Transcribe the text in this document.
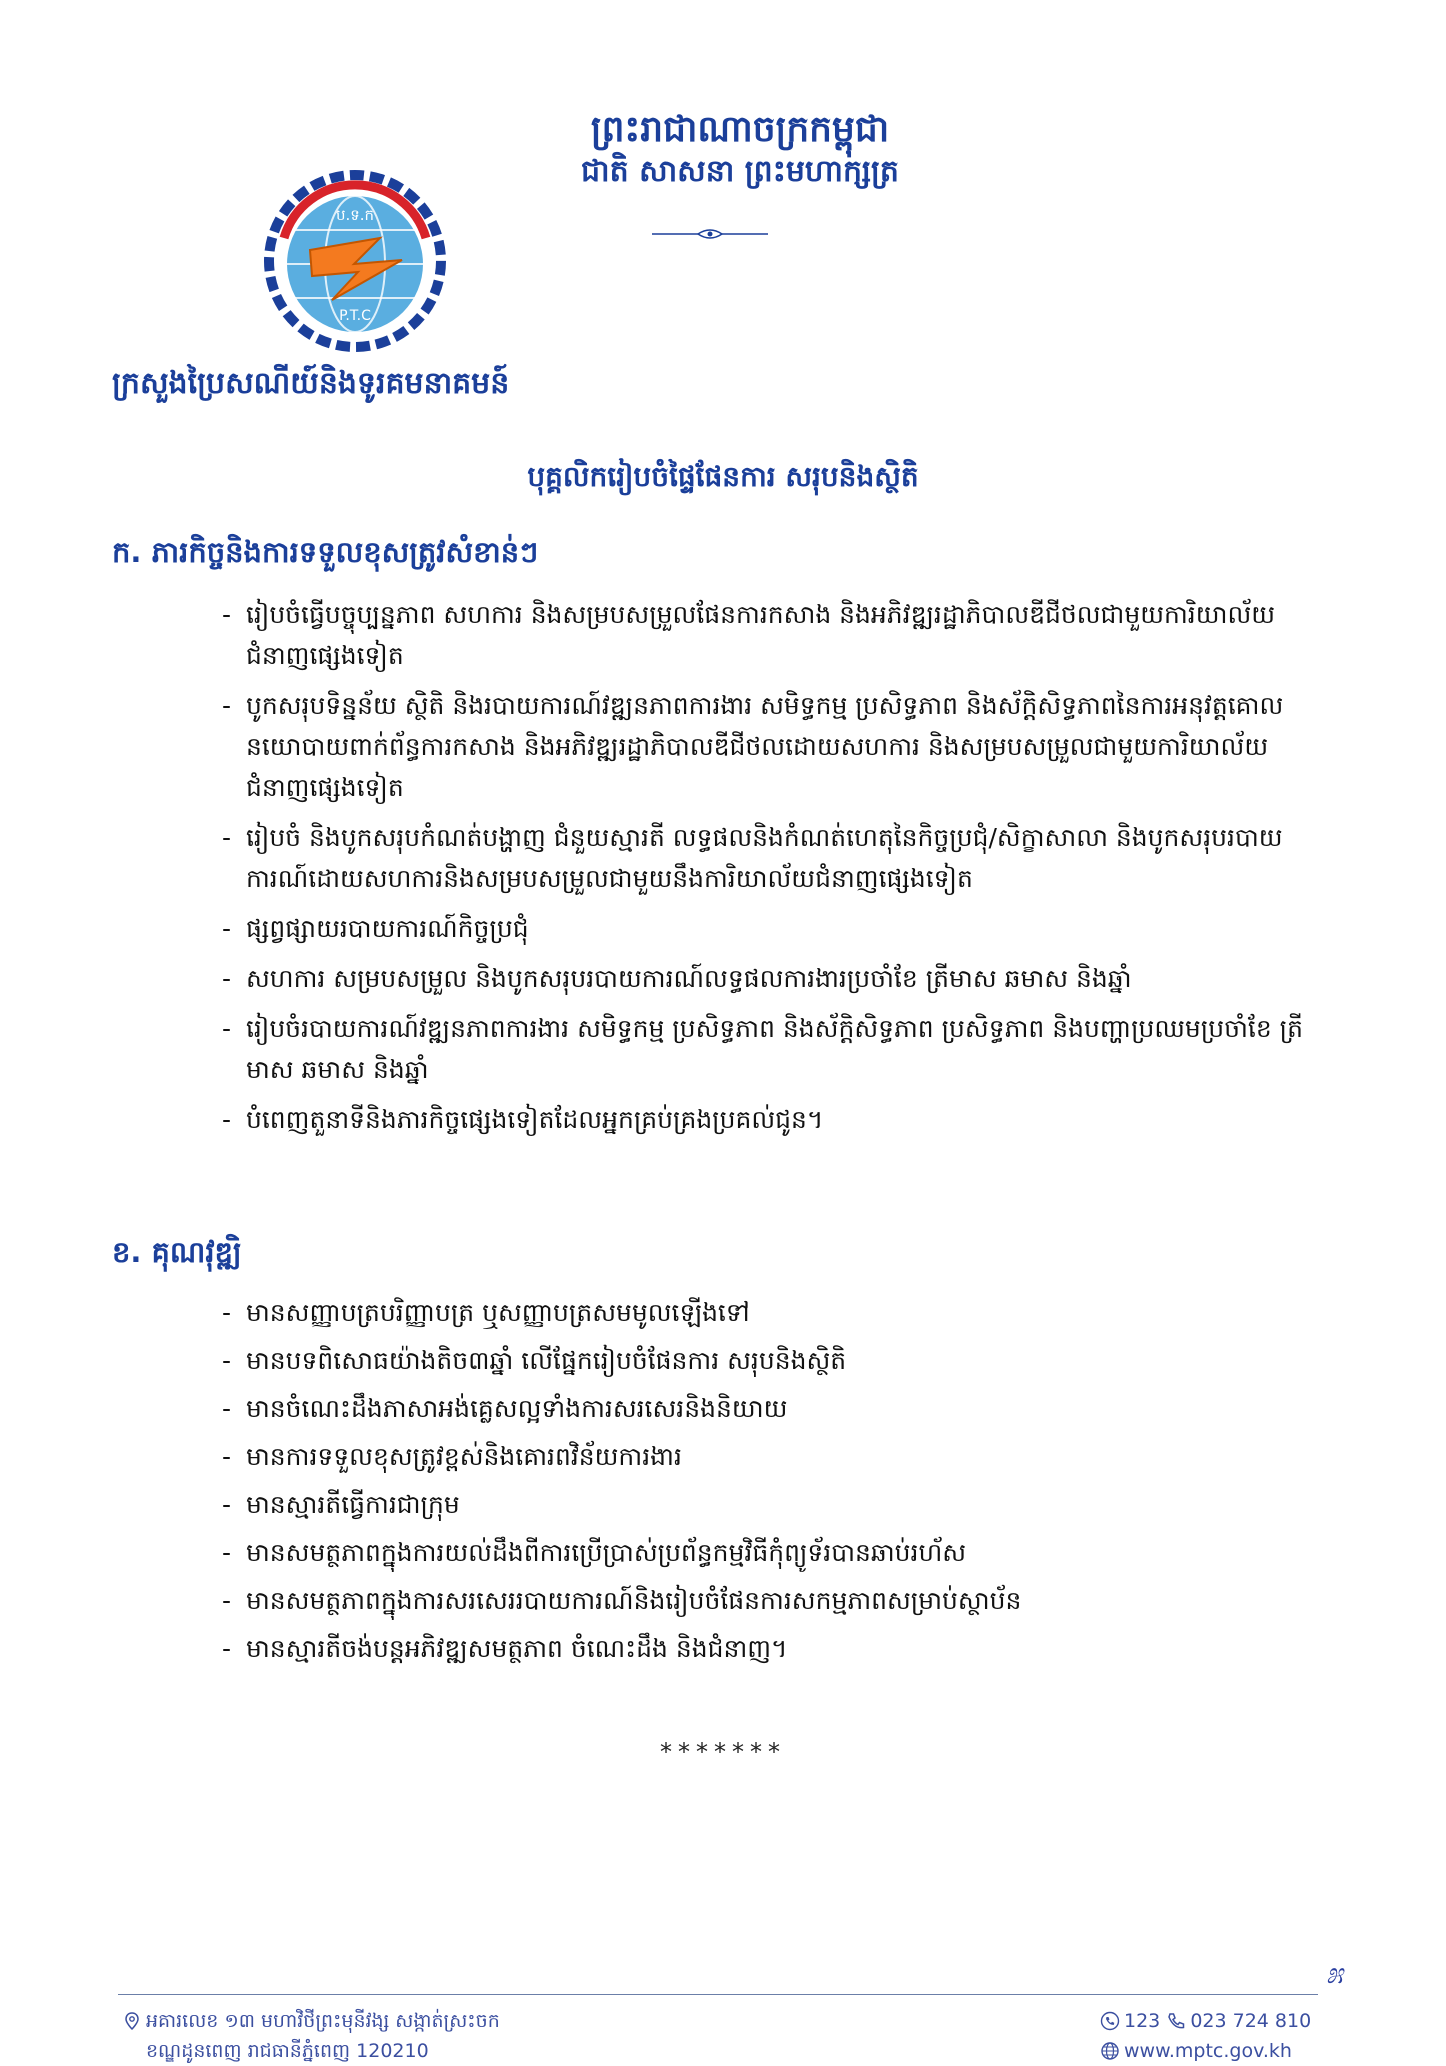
ព្រះរាជាណាចក្រកម្ពុជា
ជាតិ សាសនា ព្រះមហាក្សត្រ
ប.ទ.ក
P.T.C
ក្រសួងប្រៃសណីយ៍និងទូរគមនាគមន៍
បុគ្គលិករៀបចំផ្ទៃផែនការ សរុបនិងស្ថិតិ
ក. ភារកិច្ចនិងការទទួលខុសត្រូវសំខាន់ៗ
- រៀបចំធ្វើបច្ចុប្បន្នភាព សហការ និងសម្របសម្រួលផែនការកសាង និងអភិវឌ្ឍរដ្ឋាភិបាលឌីជីថលជាមួយការិយាល័យជំនាញផ្សេងទៀត
- បូកសរុបទិន្នន័យ ស្ថិតិ និងរបាយការណ៍វឌ្ឍនភាពការងារ សមិទ្ធកម្ម ប្រសិទ្ធភាព និងស័ក្តិសិទ្ធភាពនៃការអនុវត្តគោលនយោបាយពាក់ព័ន្ធការកសាង និងអភិវឌ្ឍរដ្ឋាភិបាលឌីជីថលដោយសហការ និងសម្របសម្រួលជាមួយការិយាល័យជំនាញផ្សេងទៀត
- រៀបចំ និងបូកសរុបកំណត់បង្ហាញ ជំនួយស្មារតី លទ្ធផលនិងកំណត់ហេតុនៃកិច្ចប្រជុំ/សិក្ខាសាលា និងបូកសរុបរបាយការណ៍ដោយសហការនិងសម្របសម្រួលជាមួយនឹងការិយាល័យជំនាញផ្សេងទៀត
- ផ្សព្វផ្សាយរបាយការណ៍កិច្ចប្រជុំ
- សហការ សម្របសម្រួល និងបូកសរុបរបាយការណ៍លទ្ធផលការងារប្រចាំខែ ត្រីមាស ឆមាស និងឆ្នាំ
- រៀបចំរបាយការណ៍វឌ្ឍនភាពការងារ សមិទ្ធកម្ម ប្រសិទ្ធភាព និងស័ក្តិសិទ្ធភាព ប្រសិទ្ធភាព និងបញ្ហាប្រឈមប្រចាំខែ ត្រីមាស ឆមាស និងឆ្នាំ
- បំពេញតួនាទីនិងភារកិច្ចផ្សេងទៀតដែលអ្នកគ្រប់គ្រងប្រគល់ជូន។
ខ. គុណវុឌ្ឍិ
- មានសញ្ញាបត្របរិញ្ញាបត្រ ឬសញ្ញាបត្រសមមូលឡើងទៅ
- មានបទពិសោធយ៉ាងតិច៣ឆ្នាំ លើផ្នែករៀបចំផែនការ សរុបនិងស្ថិតិ
- មានចំណេះដឹងភាសាអង់គ្លេសល្អទាំងការសរសេរនិងនិយាយ
- មានការទទួលខុសត្រូវខ្ពស់និងគោរពវិន័យការងារ
- មានស្មារតីធ្វើការជាក្រុម
- មានសមត្ថភាពក្នុងការយល់ដឹងពីការប្រើប្រាស់ប្រព័ន្ធកម្មវិធីកុំព្យូទ័របានឆាប់រហ័ស
- មានសមត្ថភាពក្នុងការសរសេររបាយការណ៍និងរៀបចំផែនការសកម្មភាពសម្រាប់ស្ថាប័ន
- មានស្មារតីចង់បន្តអភិវឌ្ឍសមត្ថភាព ចំណេះដឹង និងជំនាញ។
*******
೫
អគារលេខ ១៣ មហាវិថីព្រះមុនីវង្ស សង្កាត់ស្រះចក
ខណ្ឌដូនពេញ រាជធានីភ្នំពេញ 120210
123 023 724 810
www.mptc.gov.kh
